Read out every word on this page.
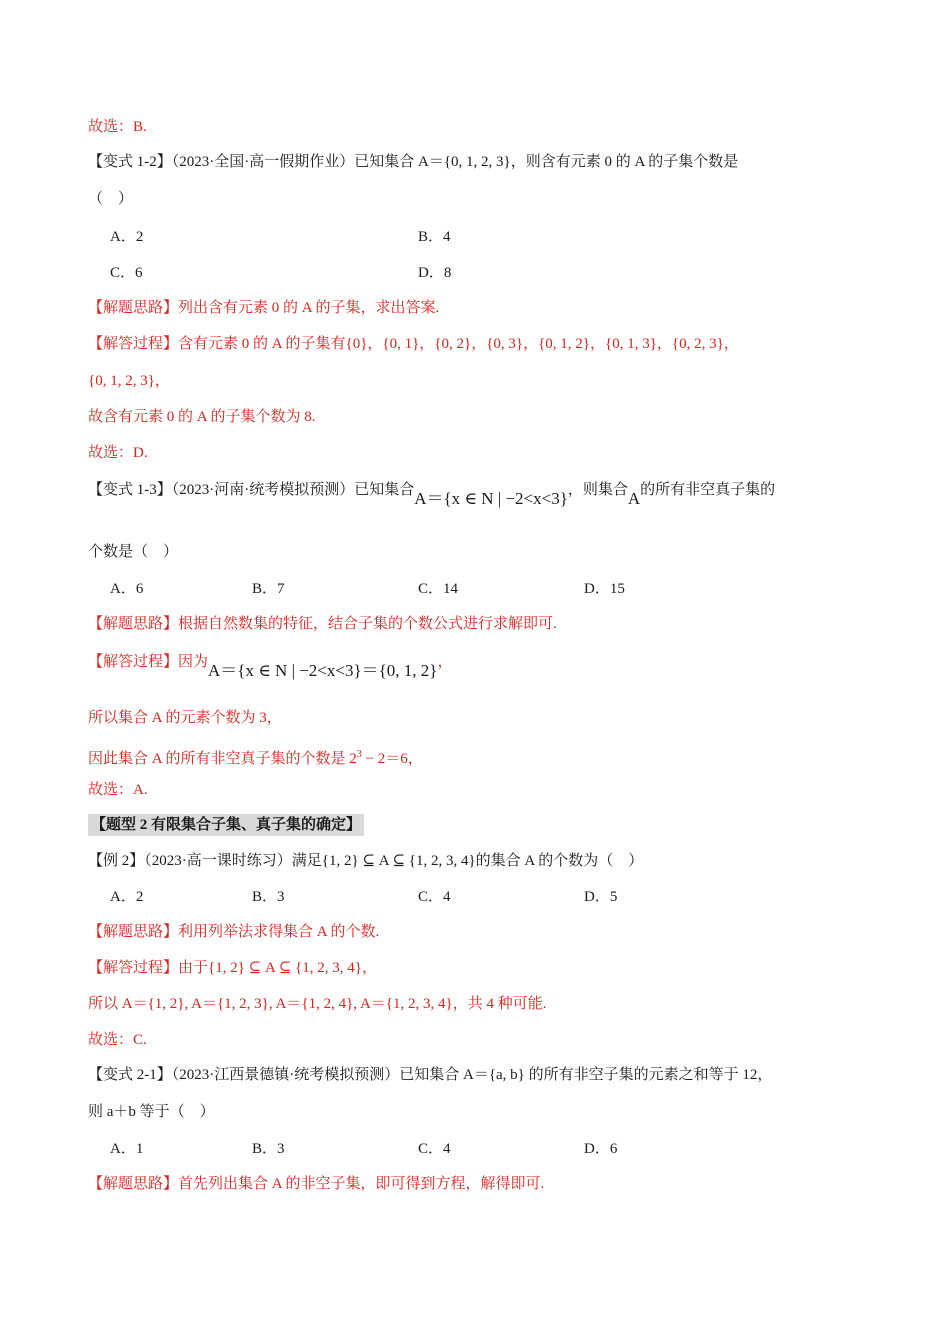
故选：B.
【变式 1-2】（2023·全国·高一假期作业）已知集合 A＝{0, 1, 2, 3}，则含有元素 0 的 A 的子集个数是
（　）
A．2	B．4
C．6	D．8
【解题思路】列出含有元素 0 的 A 的子集，求出答案.
【解答过程】含有元素 0 的 A 的子集有{0}，{0, 1}，{0, 2}，{0, 3}，{0, 1, 2}，{0, 1, 3}，{0, 2, 3}，
{0, 1, 2, 3}，
故含有元素 0 的 A 的子集个数为 8.
故选：D.
【变式 1-3】（2023·河南·统考模拟预测）已知集合A＝{x ∈ N | −2<x<3}，则集合A的所有非空真子集的
个数是（　）
A．6	B．7	C．14	D．15
【解题思路】根据自然数集的特征，结合子集的个数公式进行求解即可.
【解答过程】因为A＝{x ∈ N | −2<x<3}＝{0, 1, 2}，
所以集合 A 的元素个数为 3，
因此集合 A 的所有非空真子集的个数是 $2^3 - 2=6$，
故选：A.
【题型 2 有限集合子集、真子集的确定】
【例 2】（2023·高一课时练习）满足{1, 2} ⊆ A ⊆ {1, 2, 3, 4}的集合 A 的个数为（　）
A．2	B．3	C．4	D．5
【解题思路】利用列举法求得集合 A 的个数.
【解答过程】由于{1, 2} ⊆ A ⊆ {1, 2, 3, 4}，
所以 A＝{1, 2}, A＝{1, 2, 3}, A＝{1, 2, 4}, A＝{1, 2, 3, 4}，共 4 种可能.
故选：C.
【变式 2-1】（2023·江西景德镇·统考模拟预测）已知集合 A＝{a, b} 的所有非空子集的元素之和等于 12，
则 a＋b 等于（　）
A．1	B．3	C．4	D．6
【解题思路】首先列出集合 A 的非空子集，即可得到方程，解得即可.
